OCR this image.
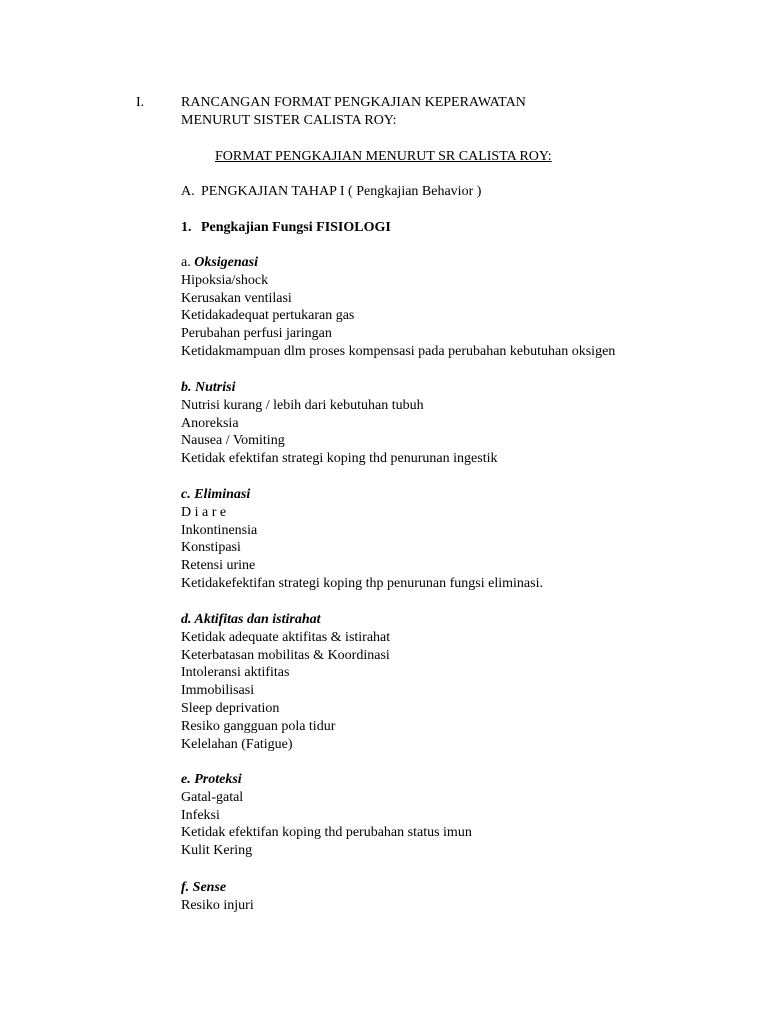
I.	RANCANGAN FORMAT PENGKAJIAN KEPERAWATAN
MENURUT SISTER CALISTA ROY:
FORMAT PENGKAJIAN MENURUT SR CALISTA ROY:
A. PENGKAJIAN TAHAP I ( Pengkajian Behavior )
1. Pengkajian Fungsi FISIOLOGI
a. Oksigenasi
Hipoksia/shock
Kerusakan ventilasi
Ketidakadequat pertukaran gas
Perubahan perfusi jaringan
Ketidakmampuan dlm proses kompensasi pada perubahan kebutuhan oksigen
b. Nutrisi
Nutrisi kurang / lebih dari kebutuhan tubuh
Anoreksia
Nausea / Vomiting
Ketidak efektifan strategi koping thd penurunan ingestik
c. Eliminasi
D i a r e
Inkontinensia
Konstipasi
Retensi urine
Ketidakefektifan strategi koping thp penurunan fungsi eliminasi.
d. Aktifitas dan istirahat
Ketidak adequate aktifitas & istirahat
Keterbatasan mobilitas & Koordinasi
Intoleransi aktifitas
Immobilisasi
Sleep deprivation
Resiko gangguan pola tidur
Kelelahan (Fatigue)
e. Proteksi
Gatal-gatal
Infeksi
Ketidak efektifan koping thd perubahan status imun
Kulit Kering
f. Sense
Resiko injuri
